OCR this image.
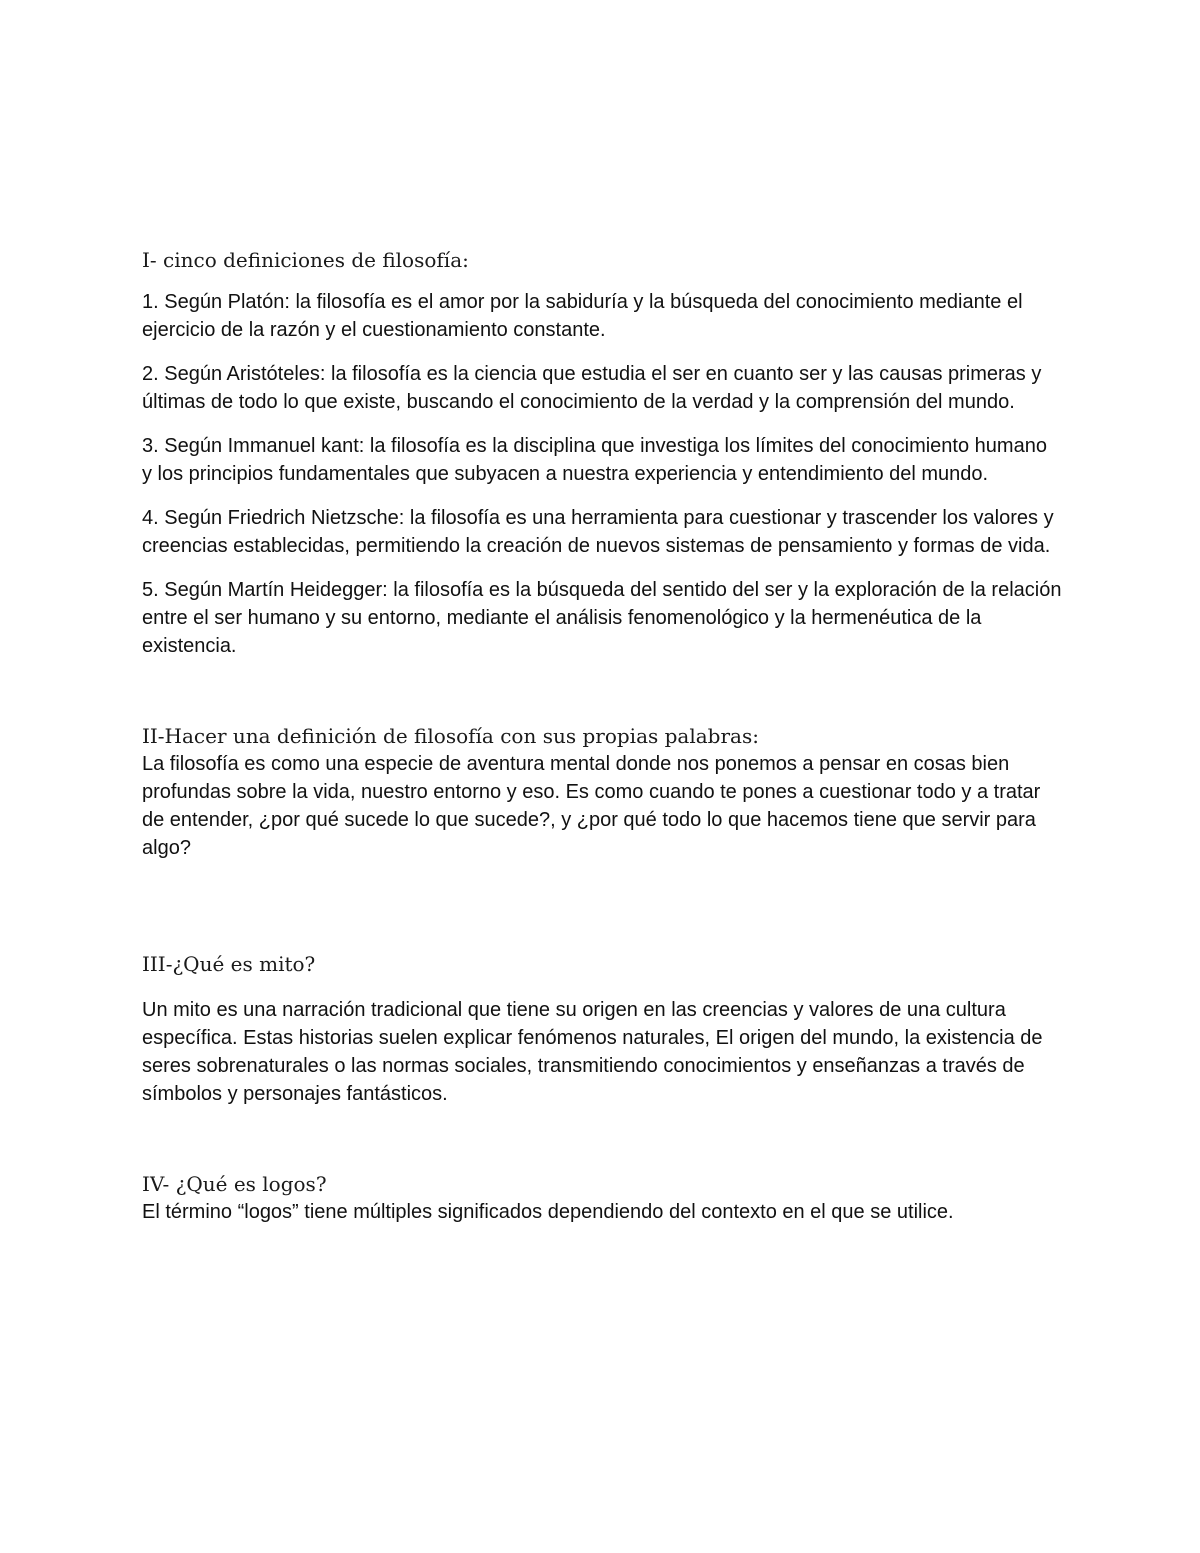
I- cinco definiciones de filosofía:

1. Según Platón: la filosofía es el amor por la sabiduría y la búsqueda del conocimiento mediante el ejercicio de la razón y el cuestionamiento constante.

2. Según Aristóteles: la filosofía es la ciencia que estudia el ser en cuanto ser y las causas primeras y últimas de todo lo que existe, buscando el conocimiento de la verdad y la comprensión del mundo.

3. Según Immanuel kant: la filosofía es la disciplina que investiga los límites del conocimiento humano y los principios fundamentales que subyacen a nuestra experiencia y entendimiento del mundo.

4. Según Friedrich Nietzsche: la filosofía es una herramienta para cuestionar y trascender los valores y creencias establecidas, permitiendo la creación de nuevos sistemas de pensamiento y formas de vida.

5. Según Martín Heidegger: la filosofía es la búsqueda del sentido del ser y la exploración de la relación entre el ser humano y su entorno, mediante el análisis fenomenológico y la hermenéutica de la existencia.

II-Hacer una definición de filosofía con sus propias palabras:

La filosofía es como una especie de aventura mental donde nos ponemos a pensar en cosas bien profundas sobre la vida, nuestro entorno y eso. Es como cuando te pones a cuestionar todo y a tratar de entender, ¿por qué sucede lo que sucede?, y ¿por qué todo lo que hacemos tiene que servir para algo?

III-¿Qué es mito?

Un mito es una narración tradicional que tiene su origen en las creencias y valores de una cultura específica. Estas historias suelen explicar fenómenos naturales, El origen del mundo, la existencia de seres sobrenaturales o las normas sociales, transmitiendo conocimientos y enseñanzas a través de símbolos y personajes fantásticos.

IV- ¿Qué es logos?

El término “logos” tiene múltiples significados dependiendo del contexto en el que se utilice.
